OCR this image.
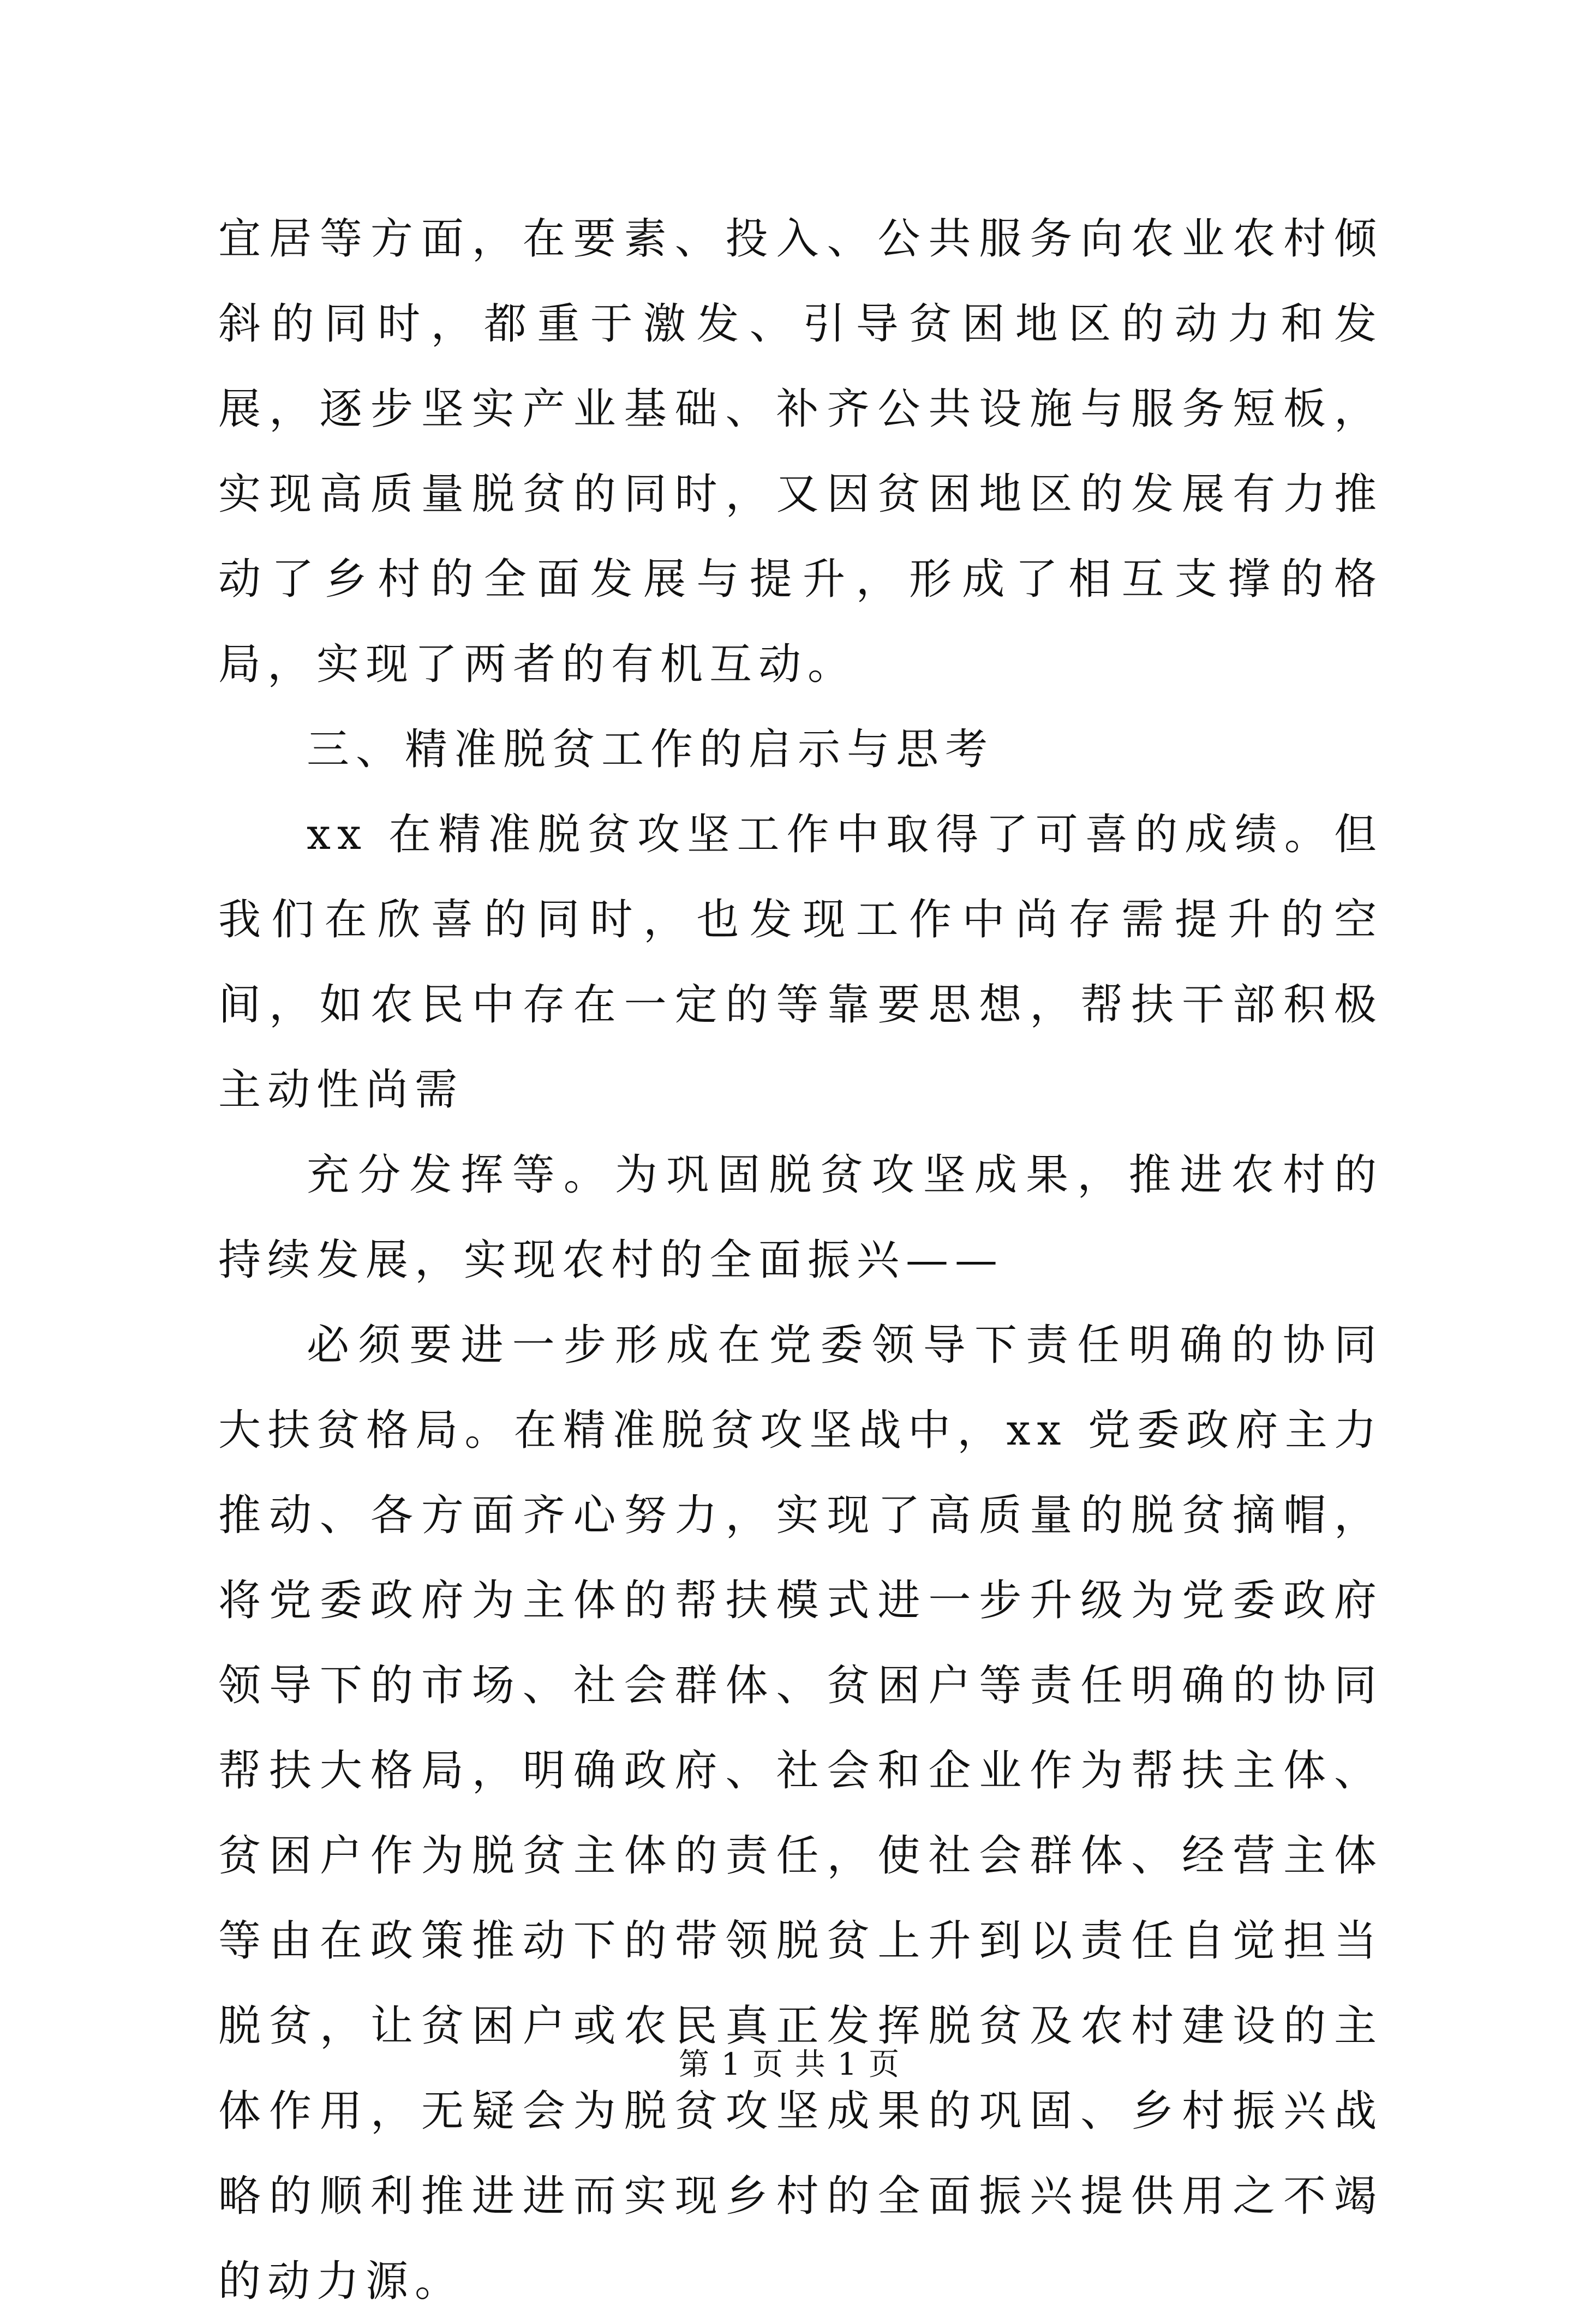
宜居等方面，在要素、投入、公共服务向农业农村倾斜的同时，都重于激发、引导贫困地区的动力和发展，逐步坚实产业基础、补齐公共设施与服务短板，实现高质量脱贫的同时，又因贫困地区的发展有力推动了乡村的全面发展与提升，形成了相互支撑的格局，实现了两者的有机互动。

三、精准脱贫工作的启示与思考

xx 在精准脱贫攻坚工作中取得了可喜的成绩。但我们在欣喜的同时，也发现工作中尚存需提升的空间，如农民中存在一定的等靠要思想，帮扶干部积极主动性尚需

充分发挥等。为巩固脱贫攻坚成果，推进农村的持续发展，实现农村的全面振兴——

必须要进一步形成在党委领导下责任明确的协同大扶贫格局。在精准脱贫攻坚战中，xx 党委政府主力推动、各方面齐心努力，实现了高质量的脱贫摘帽，将党委政府为主体的帮扶模式进一步升级为党委政府领导下的市场、社会群体、贫困户等责任明确的协同帮扶大格局，明确政府、社会和企业作为帮扶主体、贫困户作为脱贫主体的责任，使社会群体、经营主体等由在政策推动下的带领脱贫上升到以责任自觉担当脱贫，让贫困户或农民真正发挥脱贫及农村建设的主体作用，无疑会为脱贫攻坚成果的巩固、乡村振兴战略的顺利推进进而实现乡村的全面振兴提供用之不竭的动力源。

第 1 页 共 1 页
